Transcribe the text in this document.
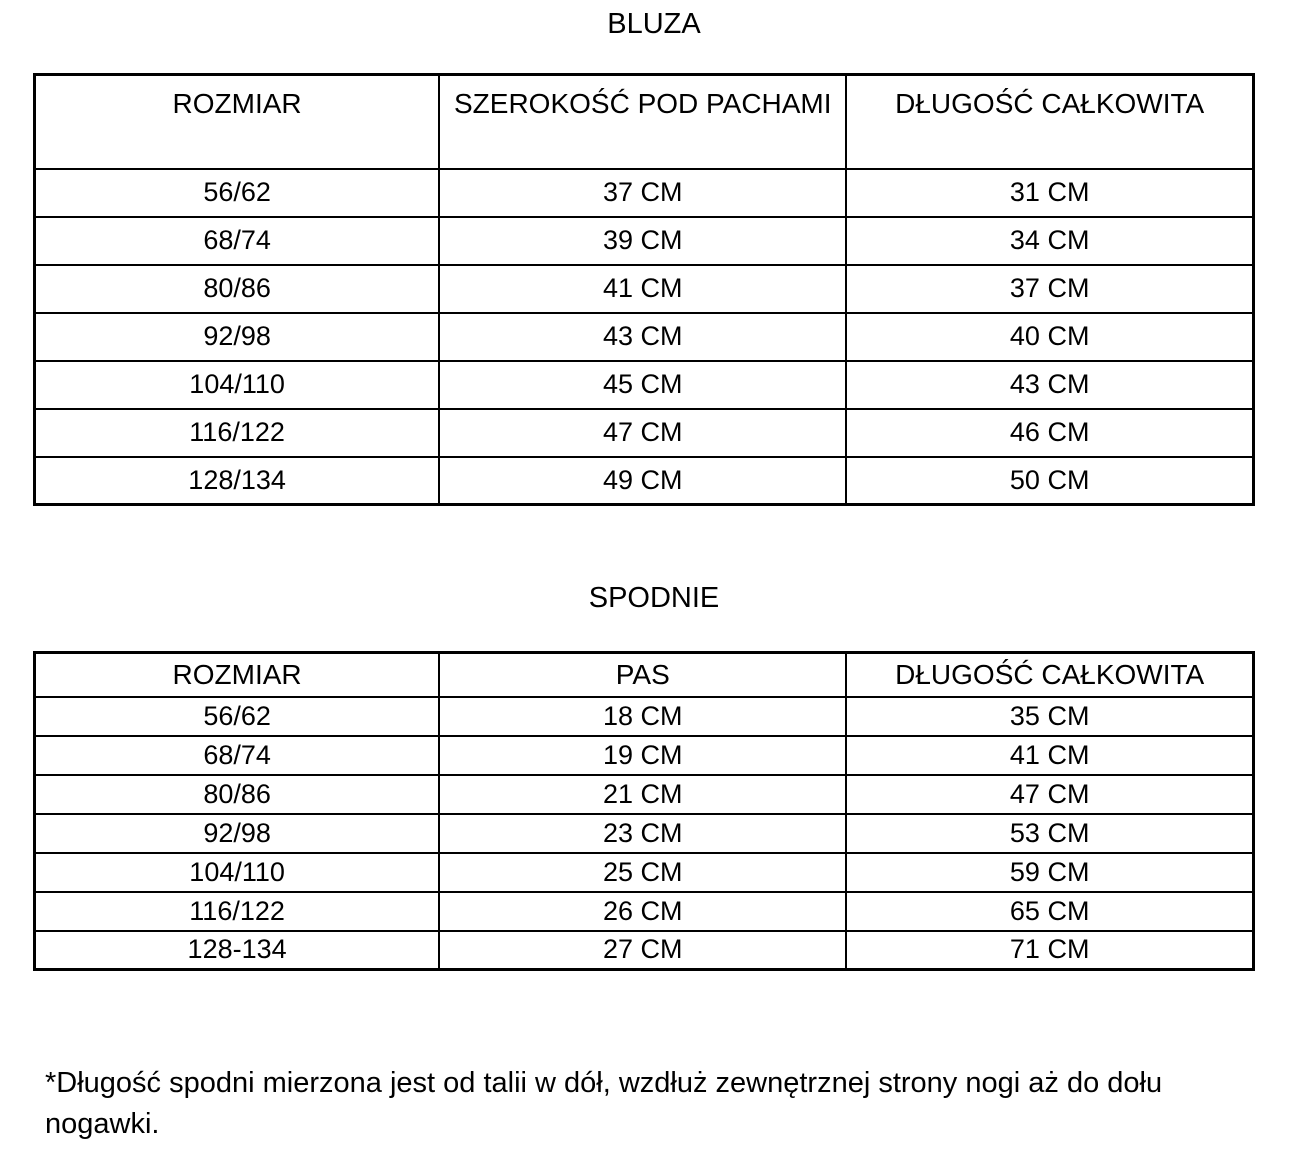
BLUZA
ROZMIAR	SZEROKOŚĆ POD PACHAMI	DŁUGOŚĆ CAŁKOWITA
56/62	37 CM	31 CM
68/74	39 CM	34 CM
80/86	41 CM	37 CM
92/98	43 CM	40 CM
104/110	45 CM	43 CM
116/122	47 CM	46 CM
128/134	49 CM	50 CM
SPODNIE
ROZMIAR	PAS	DŁUGOŚĆ CAŁKOWITA
56/62	18 CM	35 CM
68/74	19 CM	41 CM
80/86	21 CM	47 CM
92/98	23 CM	53 CM
104/110	25 CM	59 CM
116/122	26 CM	65 CM
128-134	27 CM	71 CM

*Długość spodni mierzona jest od talii w dół, wzdłuż zewnętrznej strony nogi aż do dołu nogawki.
